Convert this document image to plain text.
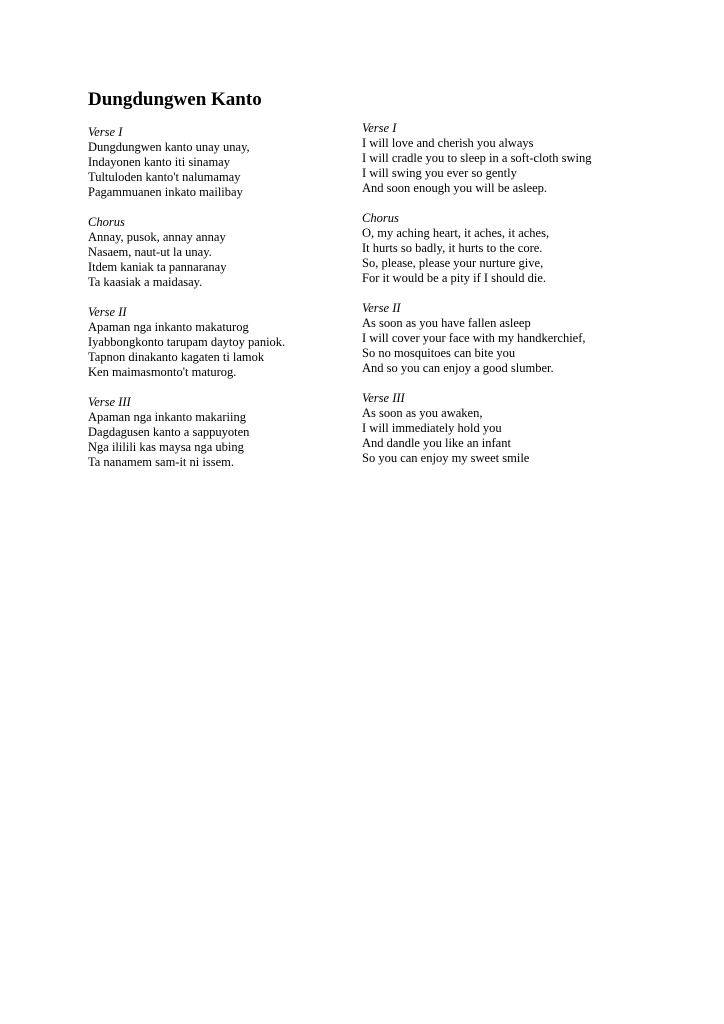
Dungdungwen Kanto

Verse I

Dungdungwen kanto unay unay,

Indayonen kanto iti sinamay

Tultuloden kanto't nalumamay

Pagammuanen inkato mailibay

Chorus

Annay, pusok, annay annay

Nasaem, naut-ut la unay.

Itdem kaniak ta pannaranay

Ta kaasiak a maidasay.

Verse II

Apaman nga inkanto makaturog

Iyabbongkonto tarupam daytoy paniok.

Tapnon dinakanto kagaten ti lamok

Ken maimasmonto't maturog.

Verse III

Apaman nga inkanto makariing

Dagdagusen kanto a sappuyoten

Nga ililili kas maysa nga ubing

Ta nanamem sam-it ni issem.

Verse I

I will love and cherish you always

I will cradle you to sleep in a soft-cloth swing

I will swing you ever so gently

And soon enough you will be asleep.

Chorus

O, my aching heart, it aches, it aches,

It hurts so badly, it hurts to the core.

So, please, please your nurture give,

For it would be a pity if I should die.

Verse II

As soon as you have fallen asleep

I will cover your face with my handkerchief,

So no mosquitoes can bite you

And so you can enjoy a good slumber.

Verse III

As soon as you awaken,

I will immediately hold you

And dandle you like an infant

So you can enjoy my sweet smile
